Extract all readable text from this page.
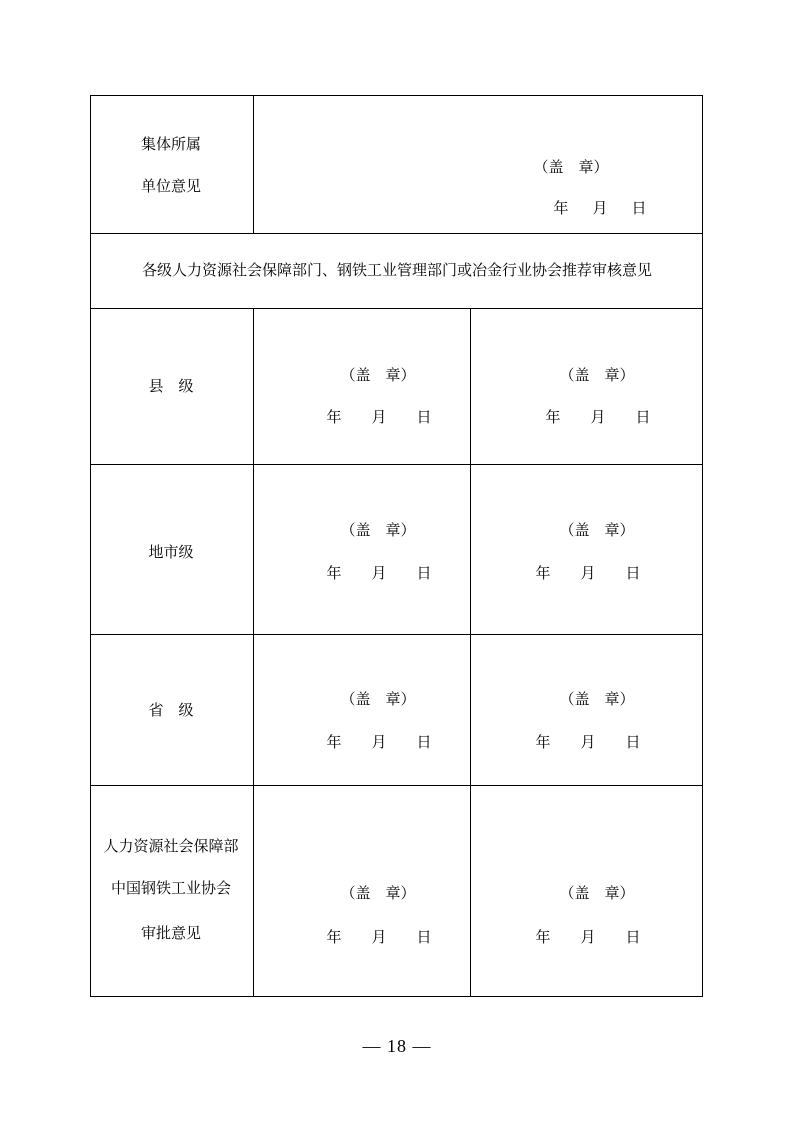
集体所属
单位意见
（盖　章）
年 月 日
各级人力资源社会保障部门、钢铁工业管理部门或冶金行业协会推荐审核意见
县　级
（盖　章）
年 月 日
（盖　章）
年 月 日
地市级
（盖　章）
年 月 日
（盖　章）
年 月 日
省　级
（盖　章）
年 月 日
（盖　章）
年 月 日
人力资源社会保障部
中国钢铁工业协会
审批意见
（盖　章）
年 月 日
（盖　章）
年 月 日
— 18 —
